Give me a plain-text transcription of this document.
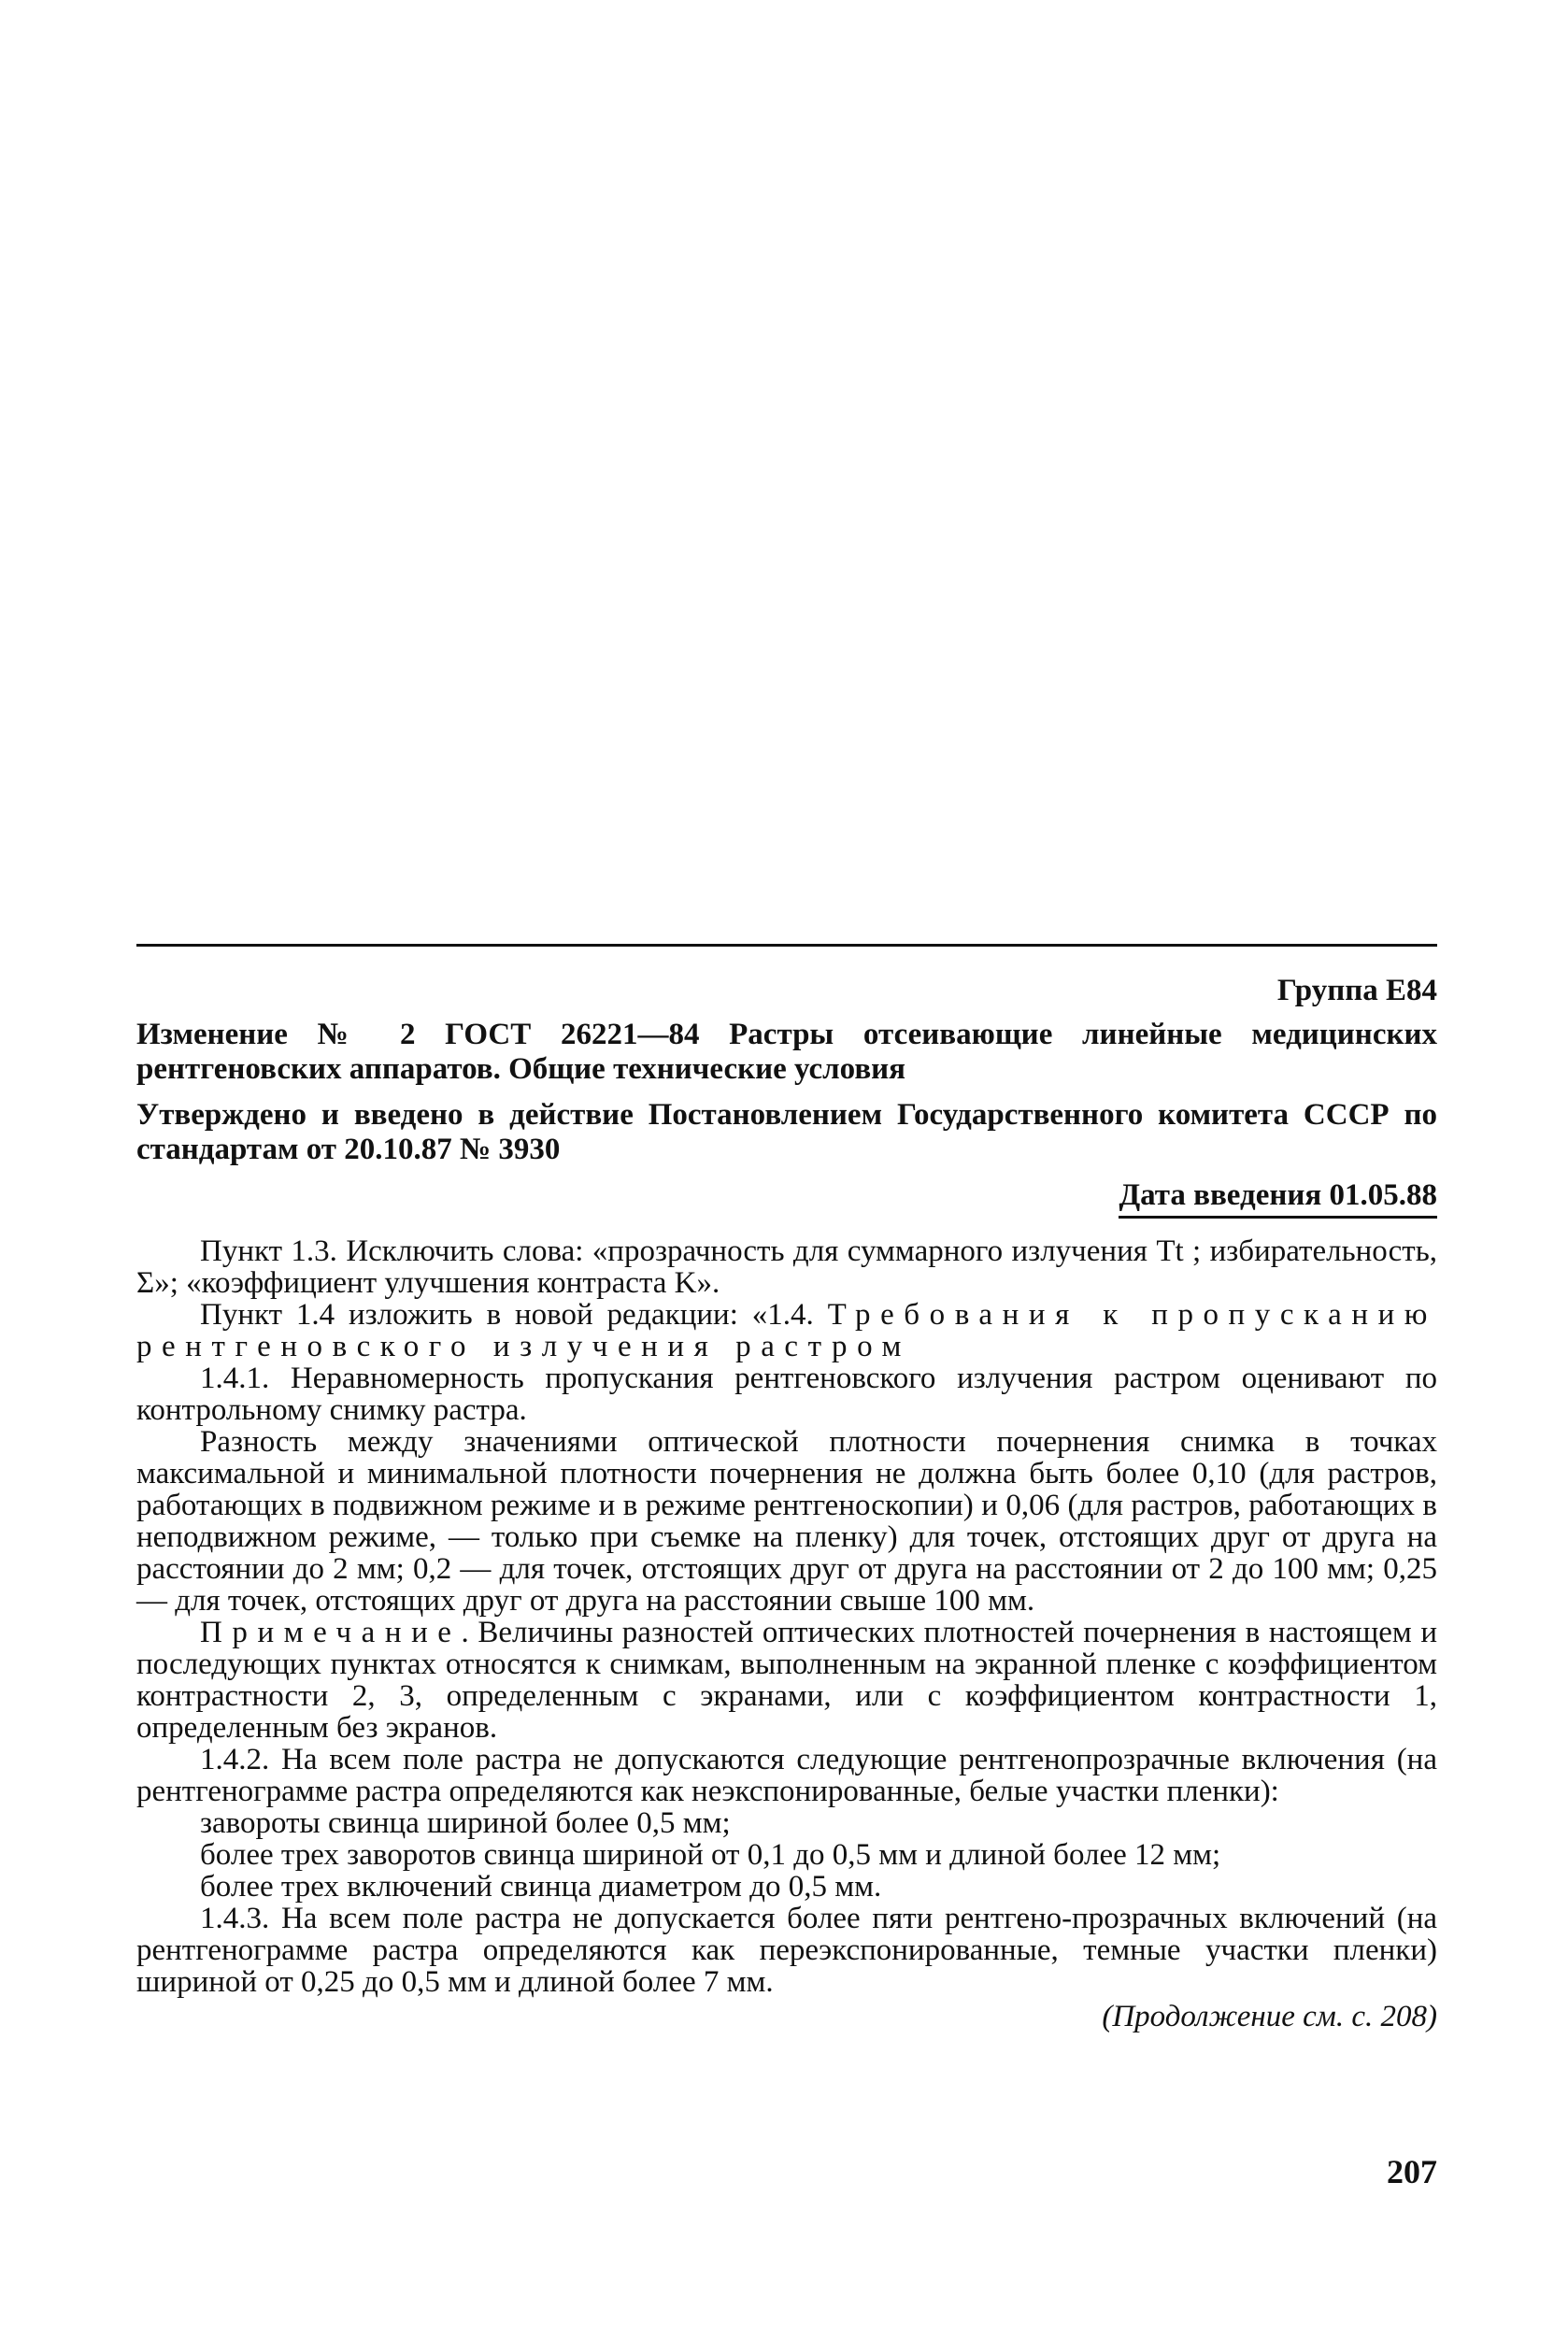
Группа Е84
Изменение № 2 ГОСТ 26221—84 Растры отсеивающие линейные медицинских рентгеновских аппаратов. Общие технические условия
Утверждено и введено в действие Постановлением Государственного комитета СССР по стандартам от 20.10.87 № 3930
Дата введения 01.05.88

Пункт 1.3. Исключить слова: «прозрачность для суммарного излучения Tt ; избирательность, Σ»; «коэффициент улучшения контраста K».

Пункт 1.4 изложить в новой редакции: «1.4. Требования к пропусканию рентгеновского излучения растром

1.4.1. Неравномерность пропускания рентгеновского излучения растром оценивают по контрольному снимку растра.

Разность между значениями оптической плотности почернения снимка в точках максимальной и минимальной плотности почернения не должна быть более 0,10 (для растров, работающих в подвижном режиме и в режиме рентгеноскопии) и 0,06 (для растров, работающих в неподвижном режиме, — только при съемке на пленку) для точек, отстоящих друг от друга на расстоянии до 2 мм; 0,2 — для точек, отстоящих друг от друга на расстоянии от 2 до 100 мм; 0,25 — для точек, отстоящих друг от друга на расстоянии свыше 100 мм.

Примечание. Величины разностей оптических плотностей почернения в настоящем и последующих пунктах относятся к снимкам, выполненным на экранной пленке с коэффициентом контрастности 2, 3, определенным с экранами, или с коэффициентом контрастности 1, определенным без экранов.

1.4.2. На всем поле растра не допускаются следующие рентгенопрозрачные включения (на рентгенограмме растра определяются как неэкспонированные, белые участки пленки):

завороты свинца шириной более 0,5 мм;

более трех заворотов свинца шириной от 0,1 до 0,5 мм и длиной более 12 мм;

более трех включений свинца диаметром до 0,5 мм.

1.4.3. На всем поле растра не допускается более пяти рентгено-прозрачных включений (на рентгенограмме растра определяются как переэкспонированные, темные участки пленки) шириной от 0,25 до 0,5 мм и длиной более 7 мм.

(Продолжение см. с. 208)
207
